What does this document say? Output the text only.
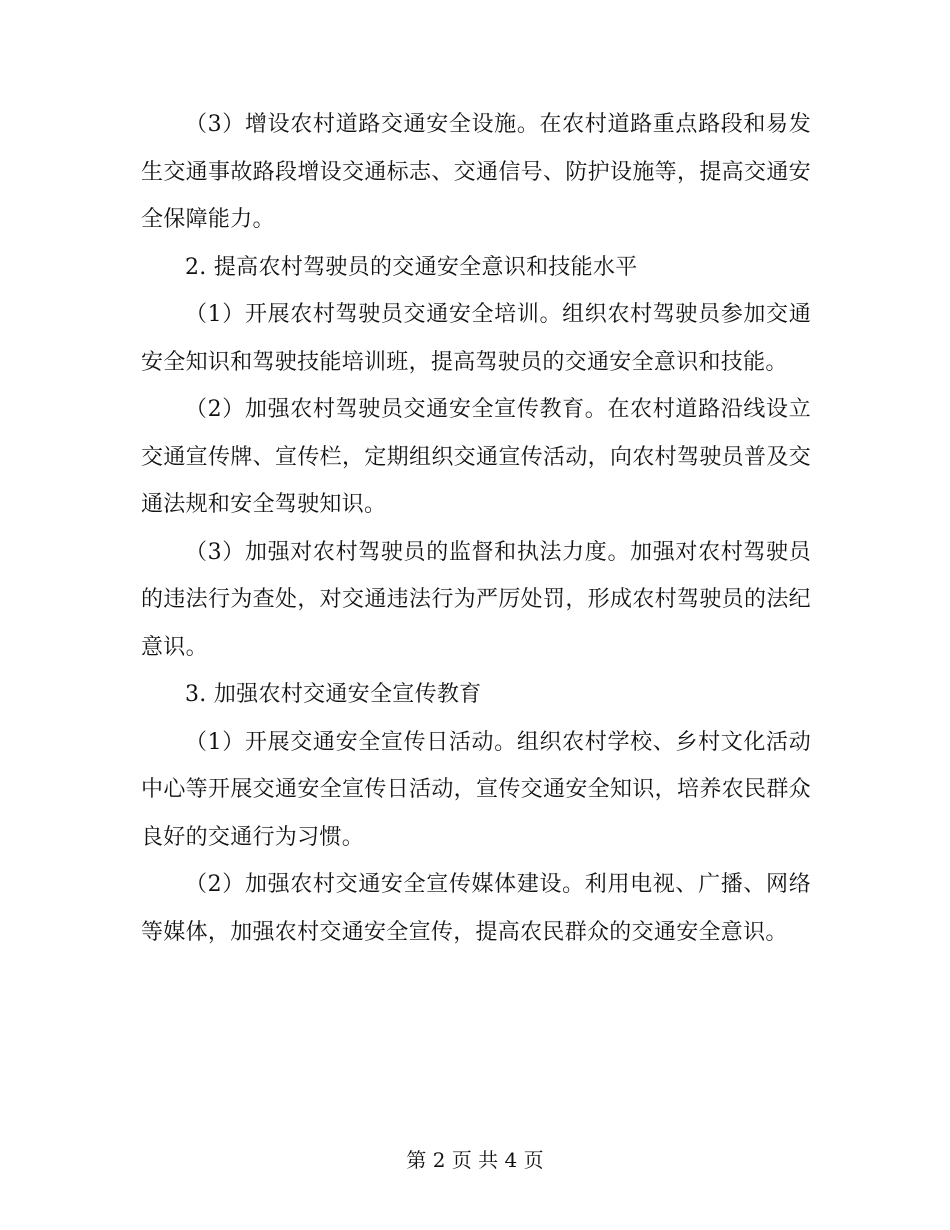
（3）增设农村道路交通安全设施。在农村道路重点路段和易发生交通事故路段增设交通标志、交通信号、防护设施等，提高交通安全保障能力。

2. 提高农村驾驶员的交通安全意识和技能水平

（1）开展农村驾驶员交通安全培训。组织农村驾驶员参加交通安全知识和驾驶技能培训班，提高驾驶员的交通安全意识和技能。

（2）加强农村驾驶员交通安全宣传教育。在农村道路沿线设立交通宣传牌、宣传栏，定期组织交通宣传活动，向农村驾驶员普及交通法规和安全驾驶知识。

（3）加强对农村驾驶员的监督和执法力度。加强对农村驾驶员的违法行为查处，对交通违法行为严厉处罚，形成农村驾驶员的法纪意识。

3. 加强农村交通安全宣传教育

（1）开展交通安全宣传日活动。组织农村学校、乡村文化活动中心等开展交通安全宣传日活动，宣传交通安全知识，培养农民群众良好的交通行为习惯。

（2）加强农村交通安全宣传媒体建设。利用电视、广播、网络等媒体，加强农村交通安全宣传，提高农民群众的交通安全意识。

第 2 页 共 4 页
